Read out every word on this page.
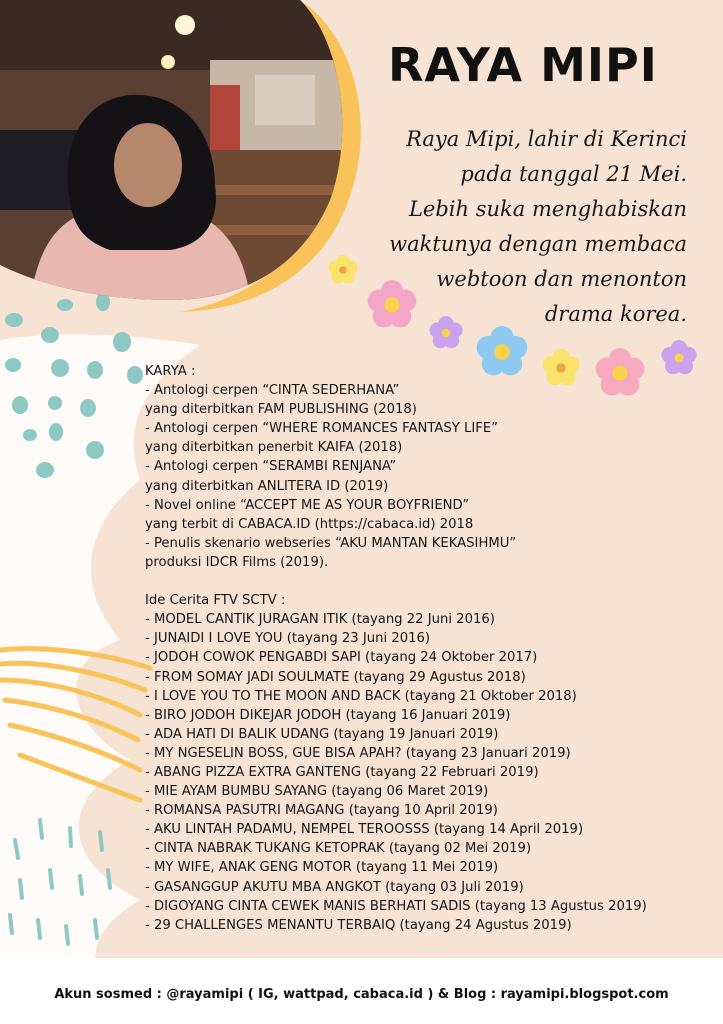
RAYA MIPI
Raya Mipi, lahir di Kerinci
pada tanggal 21 Mei.
Lebih suka menghabiskan
waktunya dengan membaca
webtoon dan menonton
drama korea.
KARYA :
- Antologi cerpen “CINTA SEDERHANA”
yang diterbitkan FAM PUBLISHING (2018)
- Antologi cerpen “WHERE ROMANCES FANTASY LIFE”
yang diterbitkan penerbit KAIFA (2018)
- Antologi cerpen “SERAMBI RENJANA”
yang diterbitkan ANLITERA ID (2019)
- Novel online “ACCEPT ME AS YOUR BOYFRIEND”
yang terbit di CABACA.ID (https://cabaca.id) 2018
- Penulis skenario webseries “AKU MANTAN KEKASIHMU”
produksi IDCR Films (2019).

Ide Cerita FTV SCTV :
- MODEL CANTIK JURAGAN ITIK (tayang 22 Juni 2016)
- JUNAIDI I LOVE YOU (tayang 23 Juni 2016)
- JODOH COWOK PENGABDI SAPI (tayang 24 Oktober 2017)
- FROM SOMAY JADI SOULMATE (tayang 29 Agustus 2018)
- I LOVE YOU TO THE MOON AND BACK (tayang 21 Oktober 2018)
- BIRO JODOH DIKEJAR JODOH (tayang 16 Januari 2019)
- ADA HATI DI BALIK UDANG (tayang 19 Januari 2019)
- MY NGESELIN BOSS, GUE BISA APAH? (tayang 23 Januari 2019)
- ABANG PIZZA EXTRA GANTENG (tayang 22 Februari 2019)
- MIE AYAM BUMBU SAYANG (tayang 06 Maret 2019)
- ROMANSA PASUTRI MAGANG (tayang 10 April 2019)
- AKU LINTAH PADAMU, NEMPEL TEROOSSS (tayang 14 April 2019)
- CINTA NABRAK TUKANG KETOPRAK (tayang 02 Mei 2019)
- MY WIFE, ANAK GENG MOTOR (tayang 11 Mei 2019)
- GASANGGUP AKUTU MBA ANGKOT (tayang 03 Juli 2019)
- DIGOYANG CINTA CEWEK MANIS BERHATI SADIS (tayang 13 Agustus 2019)
- 29 CHALLENGES MENANTU TERBAIQ (tayang 24 Agustus 2019)
Akun sosmed : @rayamipi ( IG, wattpad, cabaca.id ) & Blog : rayamipi.blogspot.com
